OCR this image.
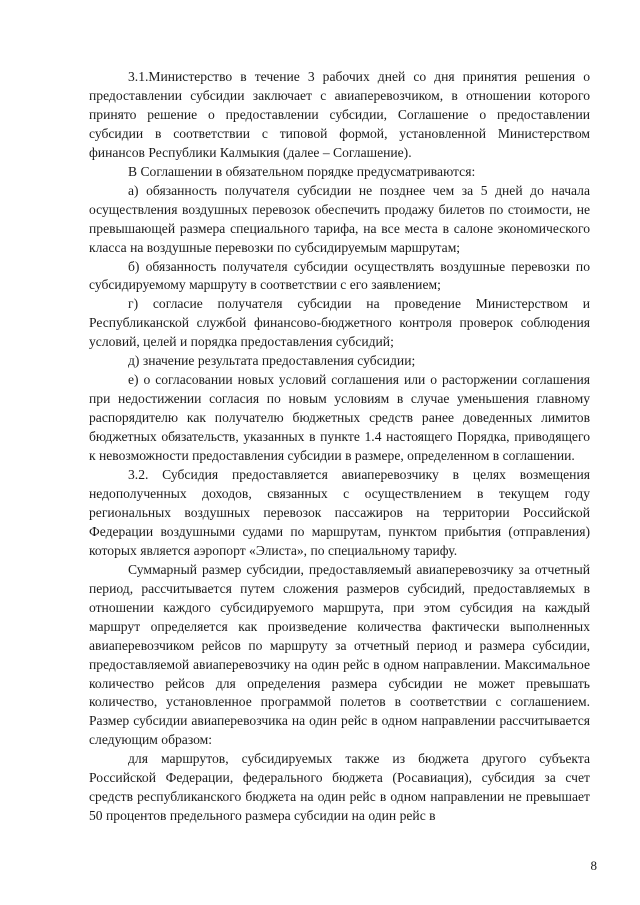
3.1.Министерство в течение 3 рабочих дней со дня принятия решения о предоставлении субсидии заключает с авиаперевозчиком, в отношении которого принято решение о предоставлении субсидии, Соглашение о предоставлении субсидии в соответствии с типовой формой, установленной Министерством финансов Республики Калмыкия (далее – Соглашение).

В Соглашении в обязательном порядке предусматриваются:

а) обязанность получателя субсидии не позднее чем за 5 дней до начала осуществления воздушных перевозок обеспечить продажу билетов по стоимости, не превышающей размера специального тарифа, на все места в салоне экономического класса на воздушные перевозки по субсидируемым маршрутам;

б) обязанность получателя субсидии осуществлять воздушные перевозки по субсидируемому маршруту в соответствии с его заявлением;

г) согласие получателя субсидии на проведение Министерством и Республиканской службой финансово-бюджетного контроля проверок соблюдения условий, целей и порядка предоставления субсидий;

д) значение результата предоставления субсидии;

е) о согласовании новых условий соглашения или о расторжении соглашения при недостижении согласия по новым условиям в случае уменьшения главному распорядителю как получателю бюджетных средств ранее доведенных лимитов бюджетных обязательств, указанных в пункте 1.4 настоящего Порядка, приводящего к невозможности предоставления субсидии в размере, определенном в соглашении.

3.2. Субсидия предоставляется авиаперевозчику в целях возмещения недополученных доходов, связанных с осуществлением в текущем году региональных воздушных перевозок пассажиров на территории Российской Федерации воздушными судами по маршрутам, пунктом прибытия (отправления) которых является аэропорт «Элиста», по специальному тарифу.

Суммарный размер субсидии, предоставляемый авиаперевозчику за отчетный период, рассчитывается путем сложения размеров субсидий, предоставляемых в отношении каждого субсидируемого маршрута, при этом субсидия на каждый маршрут определяется как произведение количества фактически выполненных авиаперевозчиком рейсов по маршруту за отчетный период и размера субсидии, предоставляемой авиаперевозчику на один рейс в одном направлении. Максимальное количество рейсов для определения размера субсидии не может превышать количество, установленное программой полетов в соответствии с соглашением. Размер субсидии авиаперевозчика на один рейс в одном направлении рассчитывается следующим образом:

для маршрутов, субсидируемых также из бюджета другого субъекта Российской Федерации, федерального бюджета (Росавиация), субсидия за счет средств республиканского бюджета на один рейс в одном направлении не превышает 50 процентов предельного размера субсидии на один рейс в

8
